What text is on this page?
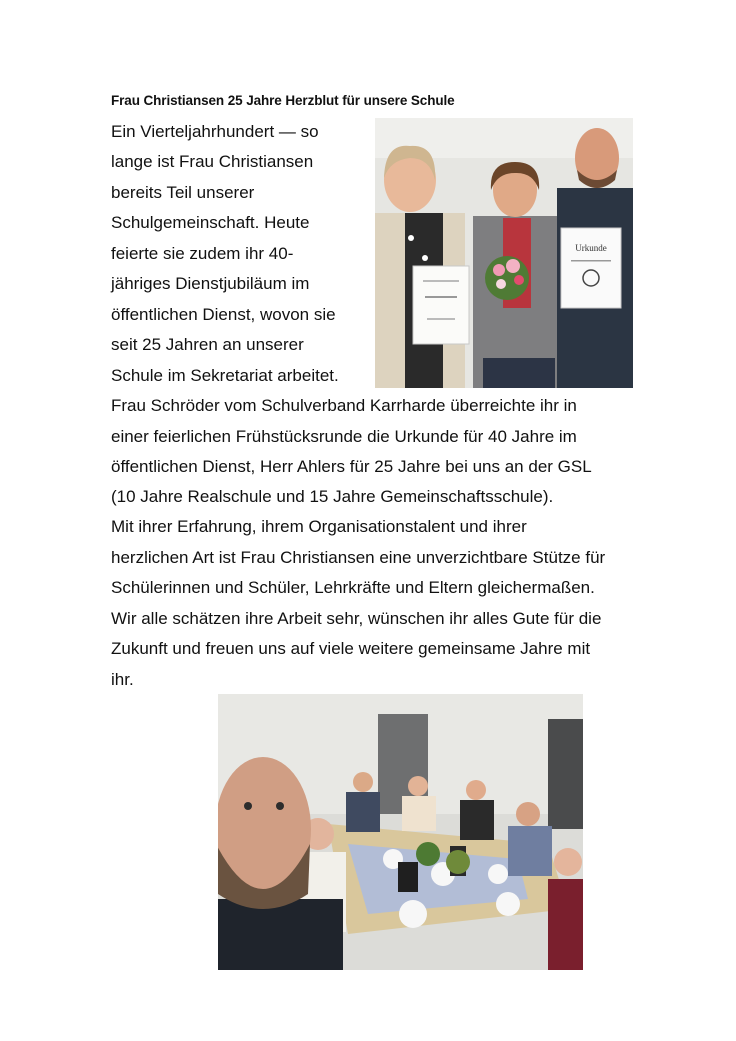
Frau Christiansen 25 Jahre Herzblut für unsere Schule
Ein Vierteljahrhundert — so
lange ist Frau Christiansen
bereits Teil unserer
Schulgemeinschaft. Heute
feierte sie zudem ihr 40-
jähriges Dienstjubiläum im
öffentlichen Dienst, wovon sie
seit 25 Jahren an unserer
Schule im Sekretariat arbeitet.
Frau Schröder vom Schulverband Karrharde überreichte ihr in
einer feierlichen Frühstücksrunde die Urkunde für 40 Jahre im
öffentlichen Dienst, Herr Ahlers für 25 Jahre bei uns an der GSL
(10 Jahre Realschule und 15 Jahre Gemeinschaftsschule).
Mit ihrer Erfahrung, ihrem Organisationstalent und ihrer
herzlichen Art ist Frau Christiansen eine unverzichtbare Stütze für
Schülerinnen und Schüler, Lehrkräfte und Eltern gleichermaßen.
Wir alle schätzen ihre Arbeit sehr, wünschen ihr alles Gute für die
Zukunft und freuen uns auf viele weitere gemeinsame Jahre mit
ihr.
Urkunde
